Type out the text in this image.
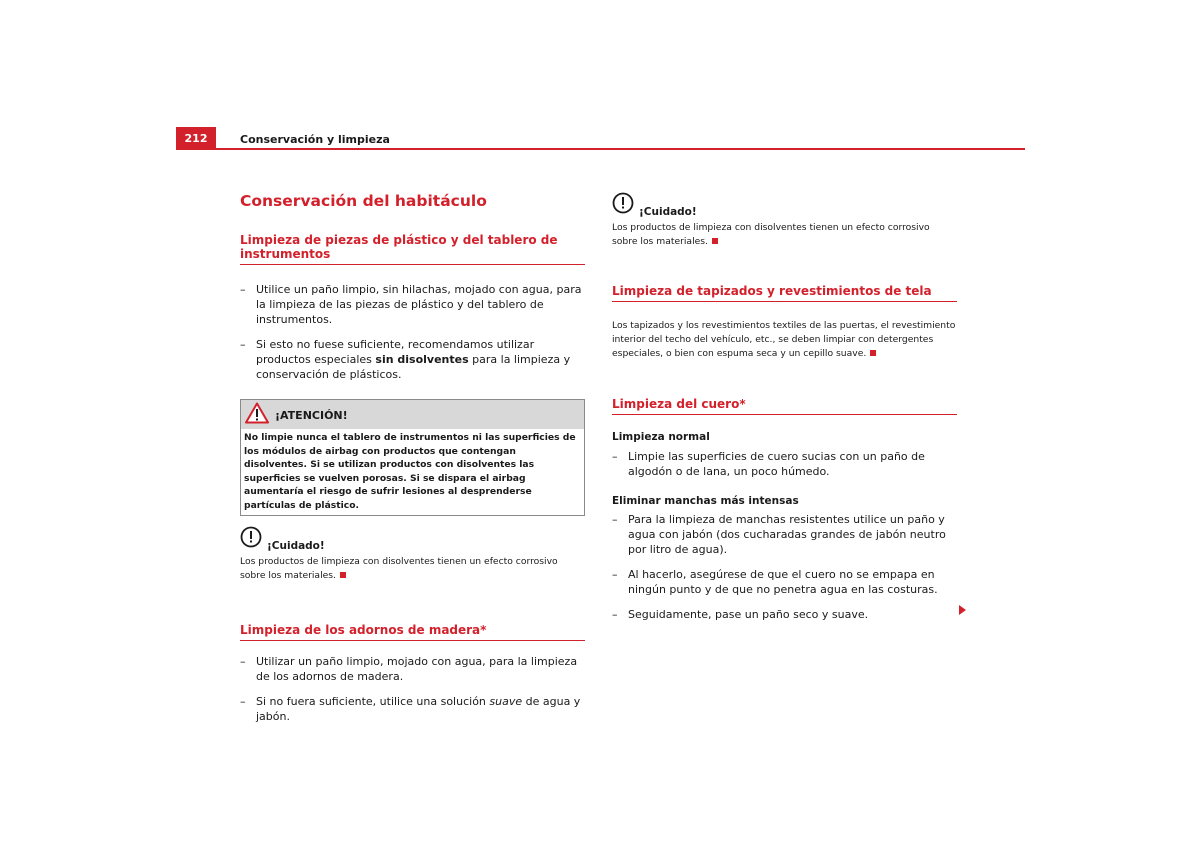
212	Conservación y limpieza
Conservación del habitáculo
Limpieza de piezas de plástico y del tablero de instrumentos
– Utilice un paño limpio, sin hilachas, mojado con agua, para la limpieza de las piezas de plástico y del tablero de instrumentos.
– Si esto no fuese suficiente, recomendamos utilizar productos especiales sin disolventes para la limpieza y conservación de plásticos.
¡ATENCIÓN!
No limpie nunca el tablero de instrumentos ni las superficies de los módulos de airbag con productos que contengan disolventes. Si se utilizan productos con disolventes las superficies se vuelven porosas. Si se dispara el airbag aumentaría el riesgo de sufrir lesiones al desprenderse partículas de plástico.
¡Cuidado!
Los productos de limpieza con disolventes tienen un efecto corrosivo sobre los materiales.
Limpieza de los adornos de madera*
– Utilizar un paño limpio, mojado con agua, para la limpieza de los adornos de madera.
– Si no fuera suficiente, utilice una solución suave de agua y jabón.
¡Cuidado!
Los productos de limpieza con disolventes tienen un efecto corrosivo sobre los materiales.
Limpieza de tapizados y revestimientos de tela
Los tapizados y los revestimientos textiles de las puertas, el revestimiento interior del techo del vehículo, etc., se deben limpiar con detergentes especiales, o bien con espuma seca y un cepillo suave.
Limpieza del cuero*

Limpieza normal

– Limpie las superficies de cuero sucias con un paño de algodón o de lana, un poco húmedo.

Eliminar manchas más intensas

– Para la limpieza de manchas resistentes utilice un paño y agua con jabón (dos cucharadas grandes de jabón neutro por litro de agua).
– Al hacerlo, asegúrese de que el cuero no se empapa en ningún punto y de que no penetra agua en las costuras.
– Seguidamente, pase un paño seco y suave.
